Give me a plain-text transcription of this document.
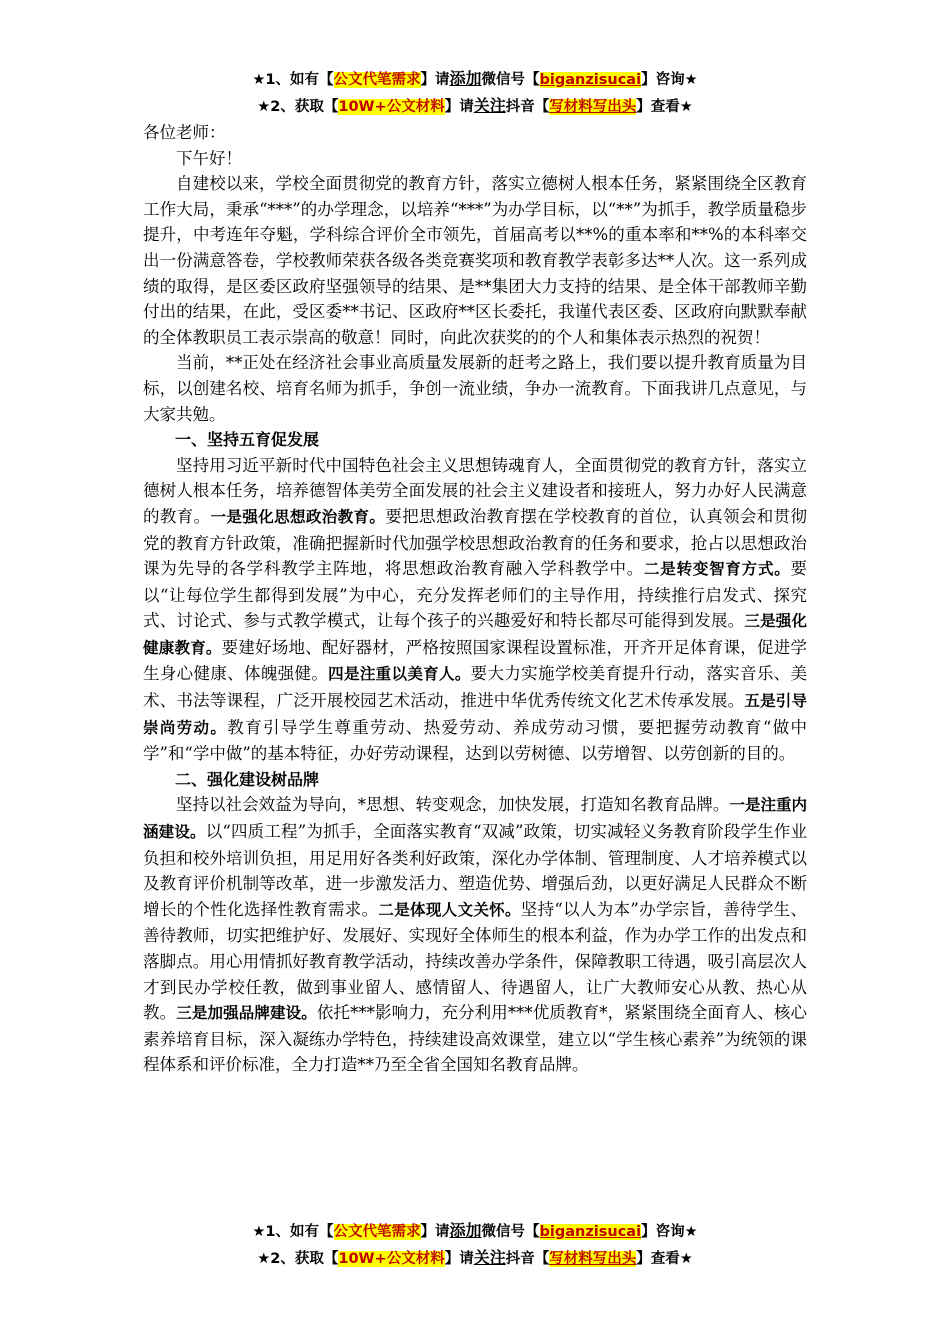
★1、如有【公文代笔需求】请添加微信号【biganzisucai】咨询★
★2、获取【10W+公文材料】请关注抖音【写材料写出头】查看★

各位老师：

下午好！

自建校以来，学校全面贯彻党的教育方针，落实立德树人根本任务，紧紧围绕全区教育工作大局，秉承“***”的办学理念，以培养“***”为办学目标，以“**”为抓手，教学质量稳步提升，中考连年夺魁，学科综合评价全市领先，首届高考以**%的重本率和**%的本科率交出一份满意答卷，学校教师荣获各级各类竞赛奖项和教育教学表彰多达**人次。这一系列成绩的取得，是区委区政府坚强领导的结果、是**集团大力支持的结果、是全体干部教师辛勤付出的结果，在此，受区委**书记、区政府**区长委托，我谨代表区委、区政府向默默奉献的全体教职员工表示崇高的敬意！同时，向此次获奖的的个人和集体表示热烈的祝贺！

当前，**正处在经济社会事业高质量发展新的赶考之路上，我们要以提升教育质量为目标，以创建名校、培育名师为抓手，争创一流业绩，争办一流教育。下面我讲几点意见，与大家共勉。

一、坚持五育促发展

坚持用习近平新时代中国特色社会主义思想铸魂育人，全面贯彻党的教育方针，落实立德树人根本任务，培养德智体美劳全面发展的社会主义建设者和接班人，努力办好人民满意的教育。一是强化思想政治教育。要把思想政治教育摆在学校教育的首位，认真领会和贯彻党的教育方针政策，准确把握新时代加强学校思想政治教育的任务和要求，抢占以思想政治课为先导的各学科教学主阵地，将思想政治教育融入学科教学中。二是转变智育方式。要以“让每位学生都得到发展”为中心，充分发挥老师们的主导作用，持续推行启发式、探究式、讨论式、参与式教学模式，让每个孩子的兴趣爱好和特长都尽可能得到发展。三是强化健康教育。要建好场地、配好器材，严格按照国家课程设置标准，开齐开足体育课，促进学生身心健康、体魄强健。四是注重以美育人。要大力实施学校美育提升行动，落实音乐、美术、书法等课程，广泛开展校园艺术活动，推进中华优秀传统文化艺术传承发展。五是引导崇尚劳动。教育引导学生尊重劳动、热爱劳动、养成劳动习惯，要把握劳动教育“做中学”和“学中做”的基本特征，办好劳动课程，达到以劳树德、以劳增智、以劳创新的目的。

二、强化建设树品牌

坚持以社会效益为导向，*思想、转变观念，加快发展，打造知名教育品牌。一是注重内涵建设。以“四质工程”为抓手，全面落实教育“双减”政策，切实减轻义务教育阶段学生作业负担和校外培训负担，用足用好各类利好政策，深化办学体制、管理制度、人才培养模式以及教育评价机制等改革，进一步激发活力、塑造优势、增强后劲，以更好满足人民群众不断增长的个性化选择性教育需求。二是体现人文关怀。坚持“以人为本”办学宗旨，善待学生、善待教师，切实把维护好、发展好、实现好全体师生的根本利益，作为办学工作的出发点和落脚点。用心用情抓好教育教学活动，持续改善办学条件，保障教职工待遇，吸引高层次人才到民办学校任教，做到事业留人、感情留人、待遇留人，让广大教师安心从教、热心从教。三是加强品牌建设。依托***影响力，充分利用***优质教育*，紧紧围绕全面育人、核心素养培育目标，深入凝练办学特色，持续建设高效课堂，建立以“学生核心素养”为统领的课程体系和评价标准，全力打造**乃至全省全国知名教育品牌。

★1、如有【公文代笔需求】请添加微信号【biganzisucai】咨询★
★2、获取【10W+公文材料】请关注抖音【写材料写出头】查看★
